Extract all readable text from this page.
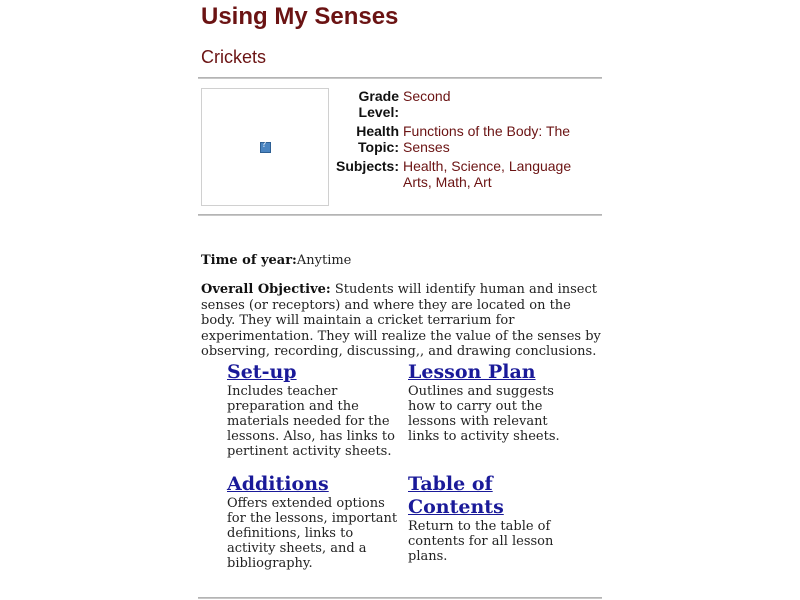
Using My Senses
Crickets
?
Grade Level:
Second
Health Topic:
Functions of the Body: The Senses
Subjects: Health, Science, Language Arts, Math, Art
Time of year:Anytime
Overall Objective: Students will identify human and insect senses (or receptors) and where they are located on the body. They will maintain a cricket terrarium for experimentation. They will realize the value of the senses by observing, recording, discussing,, and drawing conclusions.
Set-up
Includes teacher preparation and the materials needed for the lessons. Also, has links to pertinent activity sheets.
Lesson Plan
Outlines and suggests how to carry out the lessons with relevant links to activity sheets.
Additions
Offers extended options for the lessons, important definitions, links to activity sheets, and a bibliography.
Table of Contents
Return to the table of contents for all lesson plans.
